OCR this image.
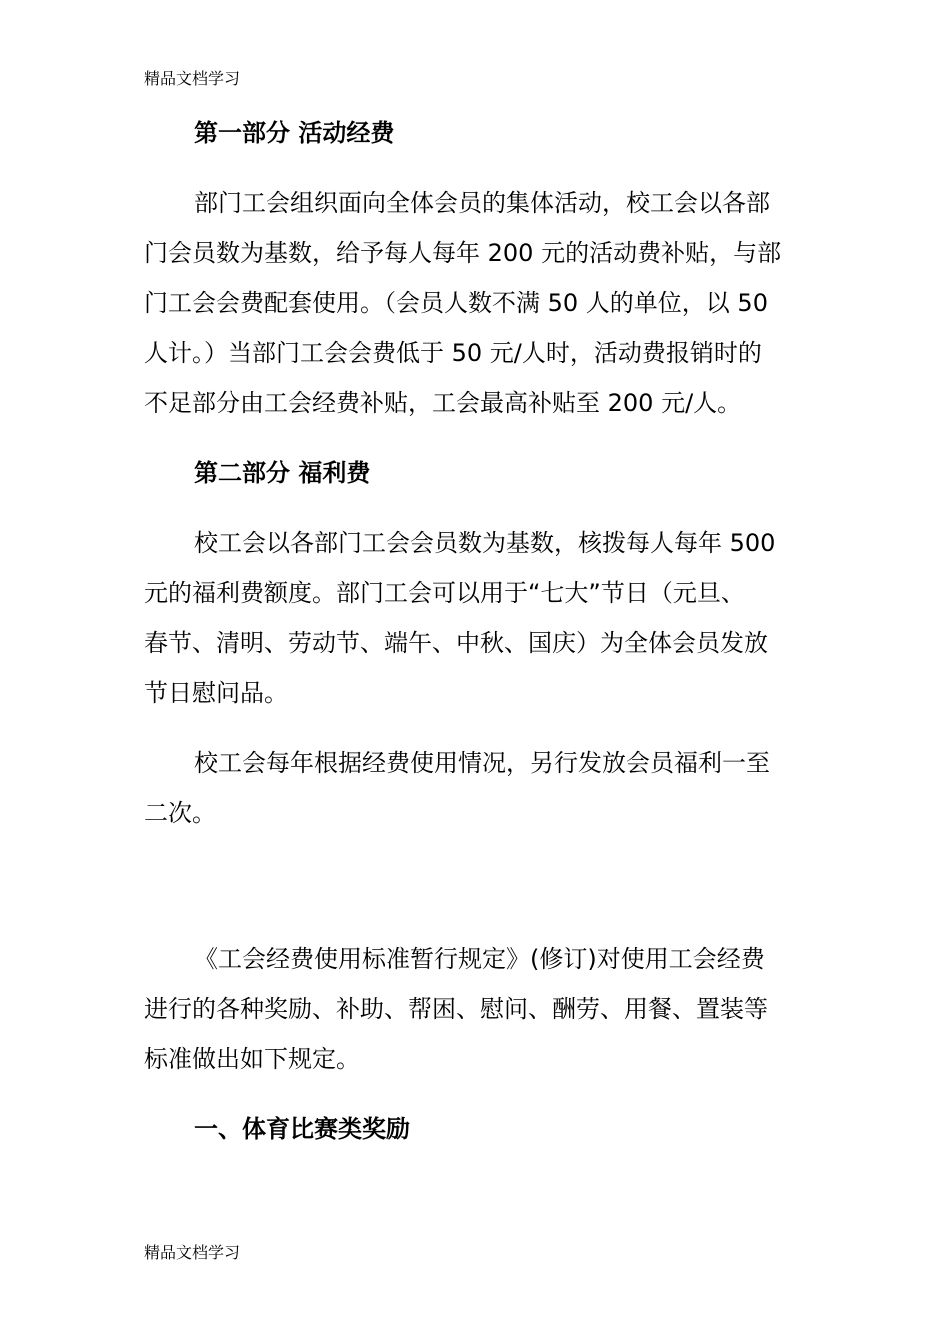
精品文档学习
第一部分 活动经费
部门工会组织面向全体会员的集体活动，校工会以各部
门会员数为基数，给予每人每年 200 元的活动费补贴，与部
门工会会费配套使用。（会员人数不满 50 人的单位，以 50
人计。）当部门工会会费低于 50 元/人时，活动费报销时的
不足部分由工会经费补贴，工会最高补贴至 200 元/人。
第二部分 福利费
校工会以各部门工会会员数为基数，核拨每人每年 500
元的福利费额度。部门工会可以用于“七大”节日（元旦、
春节、清明、劳动节、端午、中秋、国庆）为全体会员发放
节日慰问品。
校工会每年根据经费使用情况，另行发放会员福利一至
二次。
《工会经费使用标准暂行规定》(修订)对使用工会经费
进行的各种奖励、补助、帮困、慰问、酬劳、用餐、置装等
标准做出如下规定。
一、体育比赛类奖励
精品文档学习
